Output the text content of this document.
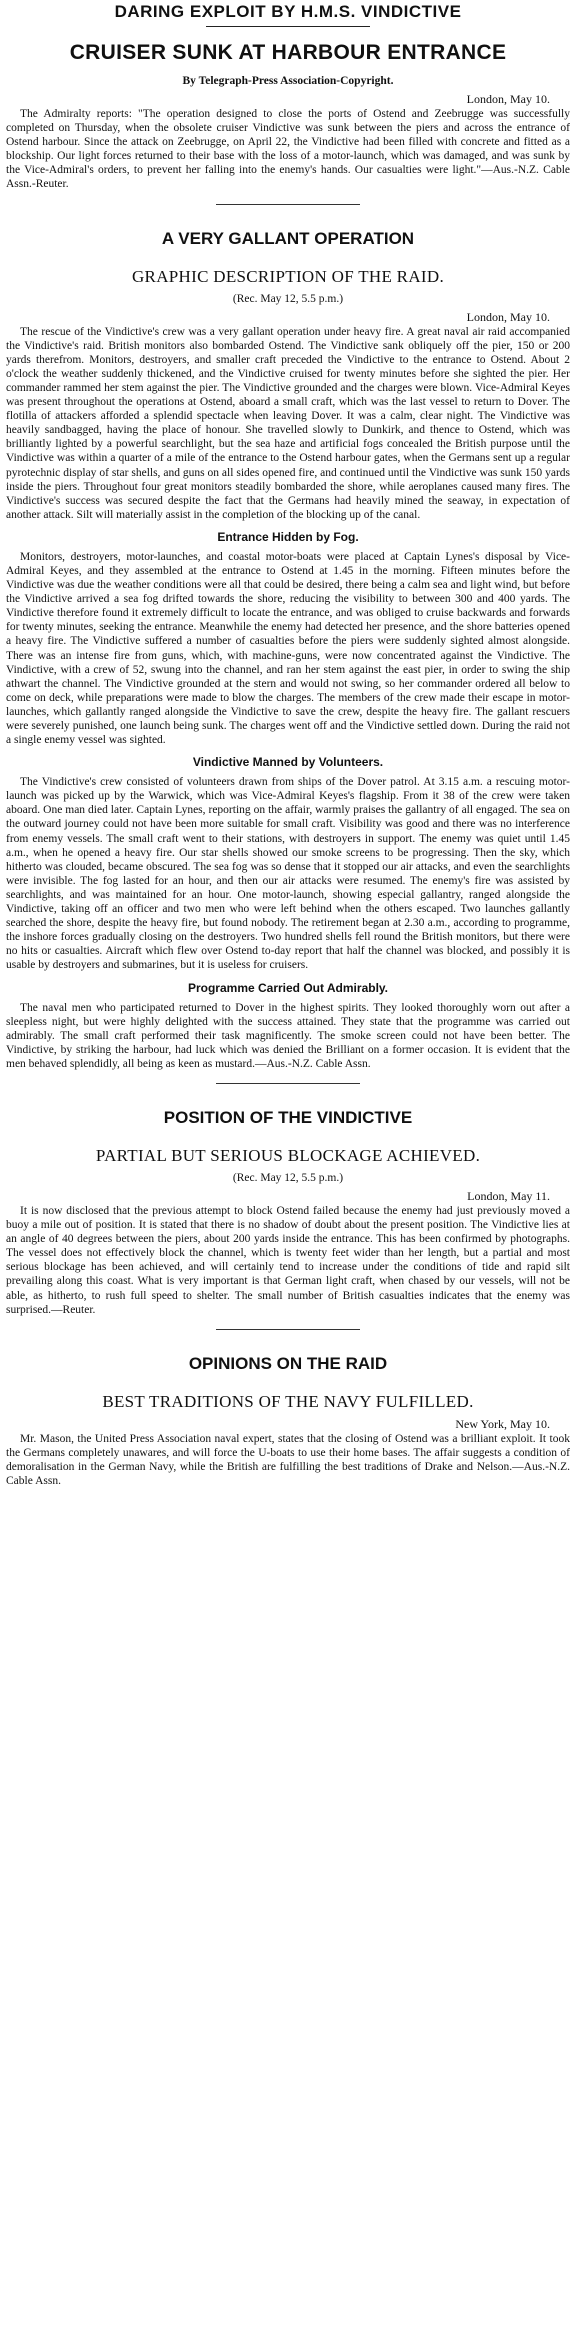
DARING EXPLOIT BY H.M.S. VINDICTIVE
CRUISER SUNK AT HARBOUR ENTRANCE
By Telegraph-Press Association-Copyright.
London, May 10.

The Admiralty reports: "The operation designed to close the ports of Ostend and Zeebrugge was successfully completed on Thursday, when the obsolete cruiser Vindictive was sunk between the piers and across the entrance of Ostend harbour. Since the attack on Zeebrugge, on April 22, the Vindictive had been filled with concrete and fitted as a blockship. Our light forces returned to their base with the loss of a motor-launch, which was damaged, and was sunk by the Vice-Admiral's orders, to prevent her falling into the enemy's hands. Our casualties were light."—Aus.-N.Z. Cable Assn.-Reuter.

A VERY GALLANT OPERATION
GRAPHIC DESCRIPTION OF THE RAID.
(Rec. May 12, 5.5 p.m.)
London, May 10.

The rescue of the Vindictive's crew was a very gallant operation under heavy fire. A great naval air raid accompanied the Vindictive's raid. British monitors also bombarded Ostend. The Vindictive sank obliquely off the pier, 150 or 200 yards therefrom. Monitors, destroyers, and smaller craft preceded the Vindictive to the entrance to Ostend. About 2 o'clock the weather suddenly thickened, and the Vindictive cruised for twenty minutes before she sighted the pier. Her commander rammed her stem against the pier. The Vindictive grounded and the charges were blown. Vice-Admiral Keyes was present throughout the operations at Ostend, aboard a small craft, which was the last vessel to return to Dover. The flotilla of attackers afforded a splendid spectacle when leaving Dover. It was a calm, clear night. The Vindictive was heavily sandbagged, having the place of honour. She travelled slowly to Dunkirk, and thence to Ostend, which was brilliantly lighted by a powerful searchlight, but the sea haze and artificial fogs concealed the British purpose until the Vindictive was within a quarter of a mile of the entrance to the Ostend harbour gates, when the Germans sent up a regular pyrotechnic display of star shells, and guns on all sides opened fire, and continued until the Vindictive was sunk 150 yards inside the piers. Throughout four great monitors steadily bombarded the shore, while aeroplanes caused many fires. The Vindictive's success was secured despite the fact that the Germans had heavily mined the seaway, in expectation of another attack. Silt will materially assist in the completion of the blocking up of the canal.

Entrance Hidden by Fog.

Monitors, destroyers, motor-launches, and coastal motor-boats were placed at Captain Lynes's disposal by Vice-Admiral Keyes, and they assembled at the entrance to Ostend at 1.45 in the morning. Fifteen minutes before the Vindictive was due the weather conditions were all that could be desired, there being a calm sea and light wind, but before the Vindictive arrived a sea fog drifted towards the shore, reducing the visibility to between 300 and 400 yards. The Vindictive therefore found it extremely difficult to locate the entrance, and was obliged to cruise backwards and forwards for twenty minutes, seeking the entrance. Meanwhile the enemy had detected her presence, and the shore batteries opened a heavy fire. The Vindictive suffered a number of casualties before the piers were suddenly sighted almost alongside. There was an intense fire from guns, which, with machine-guns, were now concentrated against the Vindictive. The Vindictive, with a crew of 52, swung into the channel, and ran her stem against the east pier, in order to swing the ship athwart the channel. The Vindictive grounded at the stern and would not swing, so her commander ordered all below to come on deck, while preparations were made to blow the charges. The members of the crew made their escape in motor-launches, which gallantly ranged alongside the Vindictive to save the crew, despite the heavy fire. The gallant rescuers were severely punished, one launch being sunk. The charges went off and the Vindictive settled down. During the raid not a single enemy vessel was sighted.

Vindictive Manned by Volunteers.

The Vindictive's crew consisted of volunteers drawn from ships of the Dover patrol. At 3.15 a.m. a rescuing motor-launch was picked up by the Warwick, which was Vice-Admiral Keyes's flagship. From it 38 of the crew were taken aboard. One man died later. Captain Lynes, reporting on the affair, warmly praises the gallantry of all engaged. The sea on the outward journey could not have been more suitable for small craft. Visibility was good and there was no interference from enemy vessels. The small craft went to their stations, with destroyers in support. The enemy was quiet until 1.45 a.m., when he opened a heavy fire. Our star shells showed our smoke screens to be progressing. Then the sky, which hitherto was clouded, became obscured. The sea fog was so dense that it stopped our air attacks, and even the searchlights were invisible. The fog lasted for an hour, and then our air attacks were resumed. The enemy's fire was assisted by searchlights, and was maintained for an hour. One motor-launch, showing especial gallantry, ranged alongside the Vindictive, taking off an officer and two men who were left behind when the others escaped. Two launches gallantly searched the shore, despite the heavy fire, but found nobody. The retirement began at 2.30 a.m., according to programme, the inshore forces gradually closing on the destroyers. Two hundred shells fell round the British monitors, but there were no hits or casualties. Aircraft which flew over Ostend to-day report that half the channel was blocked, and possibly it is usable by destroyers and submarines, but it is useless for cruisers.

Programme Carried Out Admirably.

The naval men who participated returned to Dover in the highest spirits. They looked thoroughly worn out after a sleepless night, but were highly delighted with the success attained. They state that the programme was carried out admirably. The small craft performed their task magnificently. The smoke screen could not have been better. The Vindictive, by striking the harbour, had luck which was denied the Brilliant on a former occasion. It is evident that the men behaved splendidly, all being as keen as mustard.—Aus.-N.Z. Cable Assn.

POSITION OF THE VINDICTIVE
PARTIAL BUT SERIOUS BLOCKAGE ACHIEVED.
(Rec. May 12, 5.5 p.m.)
London, May 11.

It is now disclosed that the previous attempt to block Ostend failed because the enemy had just previously moved a buoy a mile out of position. It is stated that there is no shadow of doubt about the present position. The Vindictive lies at an angle of 40 degrees between the piers, about 200 yards inside the entrance. This has been confirmed by photographs. The vessel does not effectively block the channel, which is twenty feet wider than her length, but a partial and most serious blockage has been achieved, and will certainly tend to increase under the conditions of tide and rapid silt prevailing along this coast. What is very important is that German light craft, when chased by our vessels, will not be able, as hitherto, to rush full speed to shelter. The small number of British casualties indicates that the enemy was surprised.—Reuter.

OPINIONS ON THE RAID
BEST TRADITIONS OF THE NAVY FULFILLED.
New York, May 10.

Mr. Mason, the United Press Association naval expert, states that the closing of Ostend was a brilliant exploit. It took the Germans completely unawares, and will force the U-boats to use their home bases. The affair suggests a condition of demoralisation in the German Navy, while the British are fulfilling the best traditions of Drake and Nelson.—Aus.-N.Z. Cable Assn.
